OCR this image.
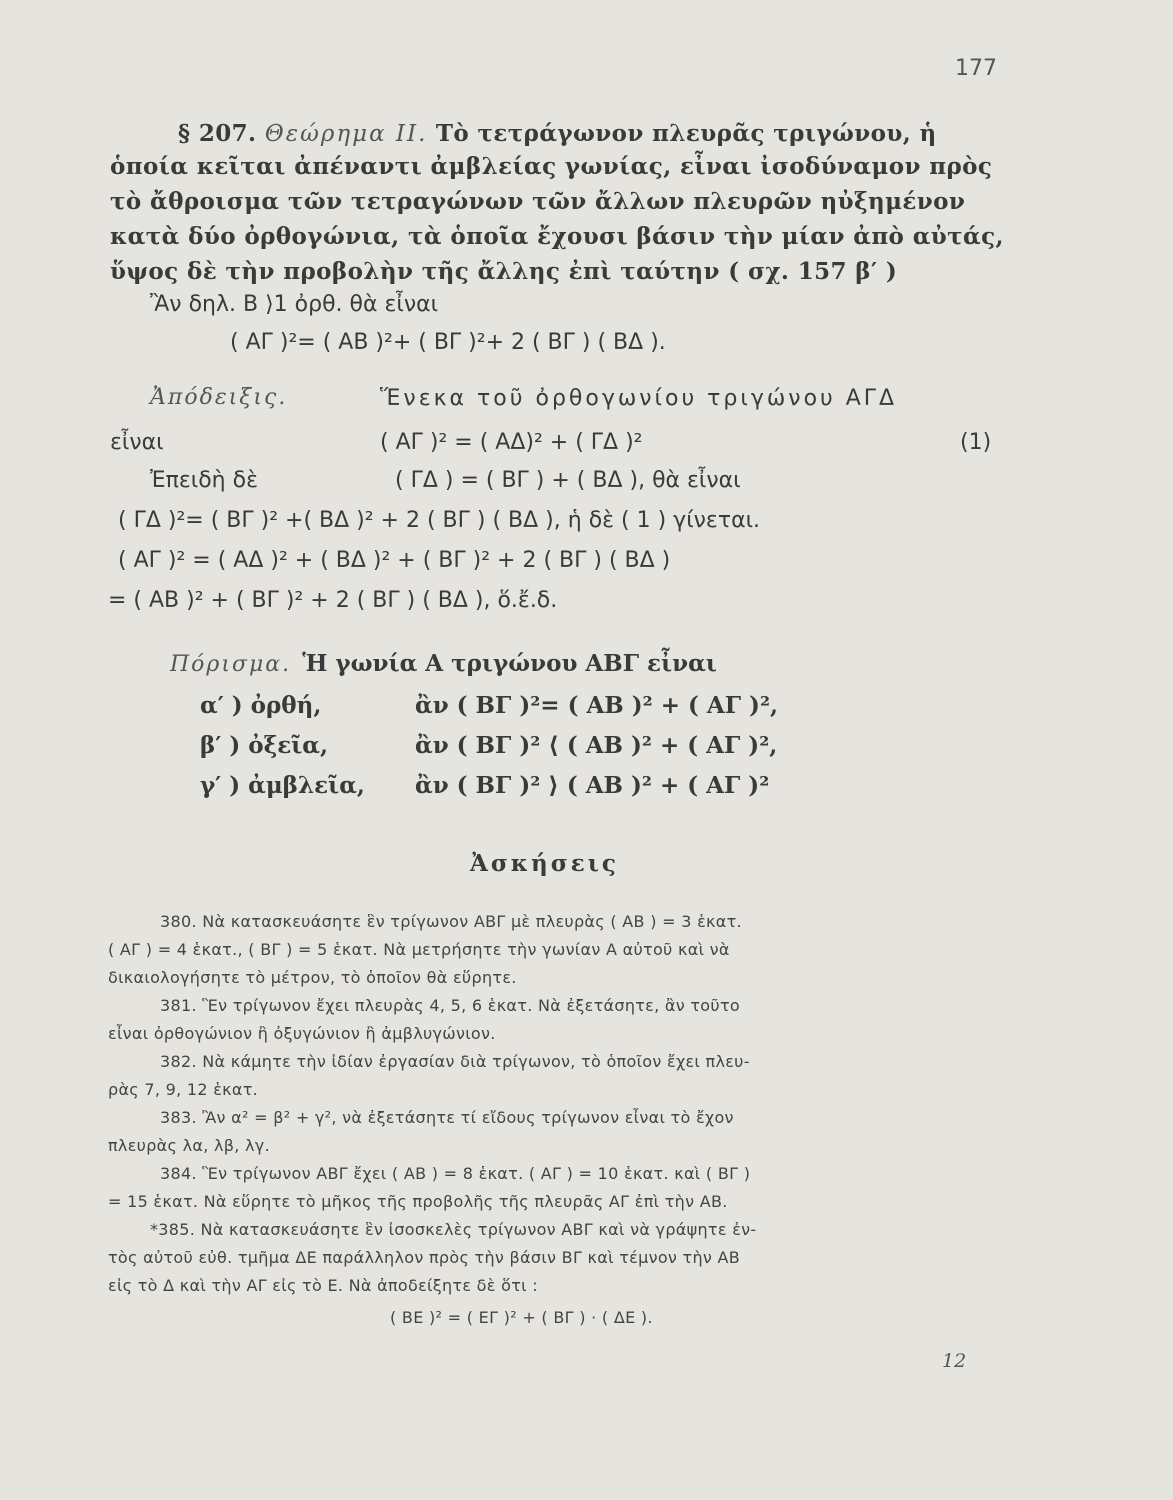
177
§ 207. Θεώρημα ΙΙ. Τὸ τετράγωνον πλευρᾶς τριγώνου, ἡ
ὁποία κεῖται ἀπέναντι ἀμβλείας γωνίας, εἶναι ἰσοδύναμον πρὸς
τὸ ἄθροισμα τῶν τετραγώνων τῶν ἄλλων πλευρῶν ηὐξημένον
κατὰ δύο ὀρθογώνια, τὰ ὁποῖα ἔχουσι βάσιν τὴν μίαν ἀπὸ αὐτάς,
ὕψος δὲ τὴν προβολὴν τῆς ἄλλης ἐπὶ ταύτην ( σχ. 157 β′ )
Ἂν δηλ. Β ⟩1 ὀρθ. θὰ εἶναι
( ΑΓ )²= ( ΑΒ )²+ ( ΒΓ )²+ 2 ( ΒΓ ) ( ΒΔ ).
Ἀπόδειξις.	Ἕνεκα τοῦ ὀρθογωνίου τριγώνου ΑΓΔ
εἶναι	( ΑΓ )² = ( ΑΔ)² + ( ΓΔ )²	(1)
Ἐπειδὴ δὲ	( ΓΔ ) = ( ΒΓ ) + ( ΒΔ ), θὰ εἶναι
( ΓΔ )²= ( ΒΓ )² +( ΒΔ )² + 2 ( ΒΓ ) ( ΒΔ ), ἡ δὲ ( 1 ) γίνεται.
( ΑΓ )² = ( ΑΔ )² + ( ΒΔ )² + ( ΒΓ )² + 2 ( ΒΓ ) ( ΒΔ )
= ( ΑΒ )² + ( ΒΓ )² + 2 ( ΒΓ ) ( ΒΔ ), ὅ.ἔ.δ.
Πόρισμα. Ἡ γωνία Α τριγώνου ΑΒΓ εἶναι
α′ ) ὀρθή,	ἂν ( ΒΓ )²= ( ΑΒ )² + ( ΑΓ )²,
β′ ) ὀξεῖα,	ἂν ( ΒΓ )² ⟨ ( ΑΒ )² + ( ΑΓ )²,
γ′ ) ἀμβλεῖα, ἂν ( ΒΓ )² ⟩ ( ΑΒ )² + ( ΑΓ )²
Ἀσκήσεις
380. Νὰ κατασκευάσητε ἓν τρίγωνον ΑΒΓ μὲ πλευρὰς ( ΑΒ ) = 3 ἑκατ.
( ΑΓ ) = 4 ἑκατ., ( ΒΓ ) = 5 ἑκατ. Νὰ μετρήσητε τὴν γωνίαν Α αὐτοῦ καὶ νὰ
δικαιολογήσητε τὸ μέτρον, τὸ ὁποῖον θὰ εὕρητε.
381. Ἓν τρίγωνον ἔχει πλευρὰς 4, 5, 6 ἑκατ. Νὰ ἐξετάσητε, ἂν τοῦτο
εἶναι ὀρθογώνιον ἢ ὀξυγώνιον ἢ ἀμβλυγώνιον.
382. Νὰ κάμητε τὴν ἰδίαν ἐργασίαν διὰ τρίγωνον, τὸ ὁποῖον ἔχει πλευ-
ρὰς 7, 9, 12 ἑκατ.
383. Ἂν α² = β² + γ², νὰ ἐξετάσητε τί εἴδους τρίγωνον εἶναι τὸ ἔχον
πλευρὰς λα, λβ, λγ.
384. Ἓν τρίγωνον ΑΒΓ ἔχει ( ΑΒ ) = 8 ἑκατ. ( ΑΓ ) = 10 ἑκατ. καὶ ( ΒΓ )
= 15 ἑκατ. Νὰ εὕρητε τὸ μῆκος τῆς προβολῆς τῆς πλευρᾶς ΑΓ ἐπὶ τὴν ΑΒ.
*385. Νὰ κατασκευάσητε ἓν ἰσοσκελὲς τρίγωνον ΑΒΓ καὶ νὰ γράψητε ἐν-
τὸς αὐτοῦ εὐθ. τμῆμα ΔΕ παράλληλον πρὸς τὴν βάσιν ΒΓ καὶ τέμνον τὴν ΑΒ
εἰς τὸ Δ καὶ τὴν ΑΓ εἰς τὸ Ε. Νὰ ἀποδείξητε δὲ ὅτι :
( ΒΕ )² = ( ΕΓ )² + ( ΒΓ ) · ( ΔΕ ).
12
